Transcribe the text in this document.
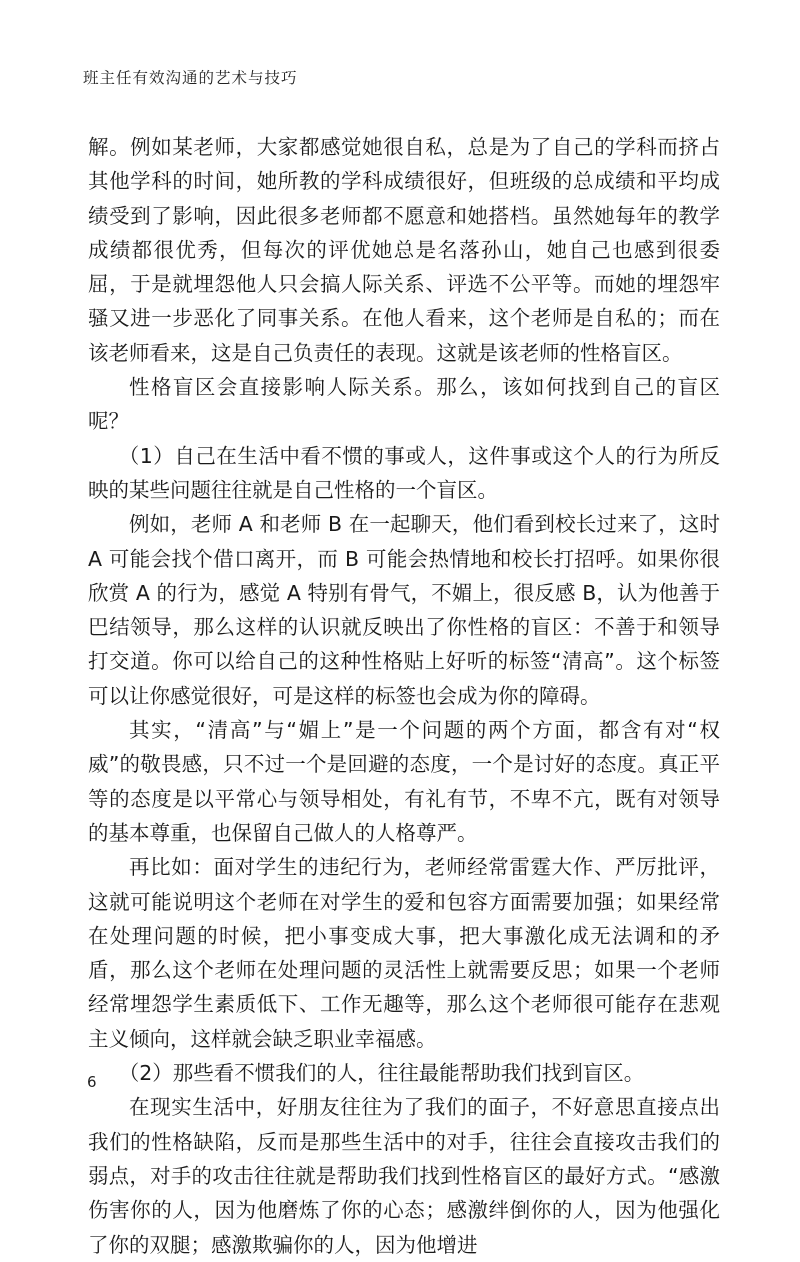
班主任有效沟通的艺术与技巧

解。例如某老师，大家都感觉她很自私，总是为了自己的学科而挤占其他学科的时间，她所教的学科成绩很好，但班级的总成绩和平均成绩受到了影响，因此很多老师都不愿意和她搭档。虽然她每年的教学成绩都很优秀，但每次的评优她总是名落孙山，她自己也感到很委屈，于是就埋怨他人只会搞人际关系、评选不公平等。而她的埋怨牢骚又进一步恶化了同事关系。在他人看来，这个老师是自私的；而在该老师看来，这是自己负责任的表现。这就是该老师的性格盲区。

性格盲区会直接影响人际关系。那么，该如何找到自己的盲区呢？

（1）自己在生活中看不惯的事或人，这件事或这个人的行为所反映的某些问题往往就是自己性格的一个盲区。

例如，老师 A 和老师 B 在一起聊天，他们看到校长过来了，这时 A 可能会找个借口离开，而 B 可能会热情地和校长打招呼。如果你很欣赏 A 的行为，感觉 A 特别有骨气，不媚上，很反感 B，认为他善于巴结领导，那么这样的认识就反映出了你性格的盲区：不善于和领导打交道。你可以给自己的这种性格贴上好听的标签“清高”。这个标签可以让你感觉很好，可是这样的标签也会成为你的障碍。

其实，“清高”与“媚上”是一个问题的两个方面，都含有对“权威”的敬畏感，只不过一个是回避的态度，一个是讨好的态度。真正平等的态度是以平常心与领导相处，有礼有节，不卑不亢，既有对领导的基本尊重，也保留自己做人的人格尊严。

再比如：面对学生的违纪行为，老师经常雷霆大作、严厉批评，这就可能说明这个老师在对学生的爱和包容方面需要加强；如果经常在处理问题的时候，把小事变成大事，把大事激化成无法调和的矛盾，那么这个老师在处理问题的灵活性上就需要反思；如果一个老师经常埋怨学生素质低下、工作无趣等，那么这个老师很可能存在悲观主义倾向，这样就会缺乏职业幸福感。

（2）那些看不惯我们的人，往往最能帮助我们找到盲区。

在现实生活中，好朋友往往为了我们的面子，不好意思直接点出我们的性格缺陷，反而是那些生活中的对手，往往会直接攻击我们的弱点，对手的攻击往往就是帮助我们找到性格盲区的最好方式。“感激伤害你的人，因为他磨炼了你的心态；感激绊倒你的人，因为他强化了你的双腿；感激欺骗你的人，因为他增进

6
